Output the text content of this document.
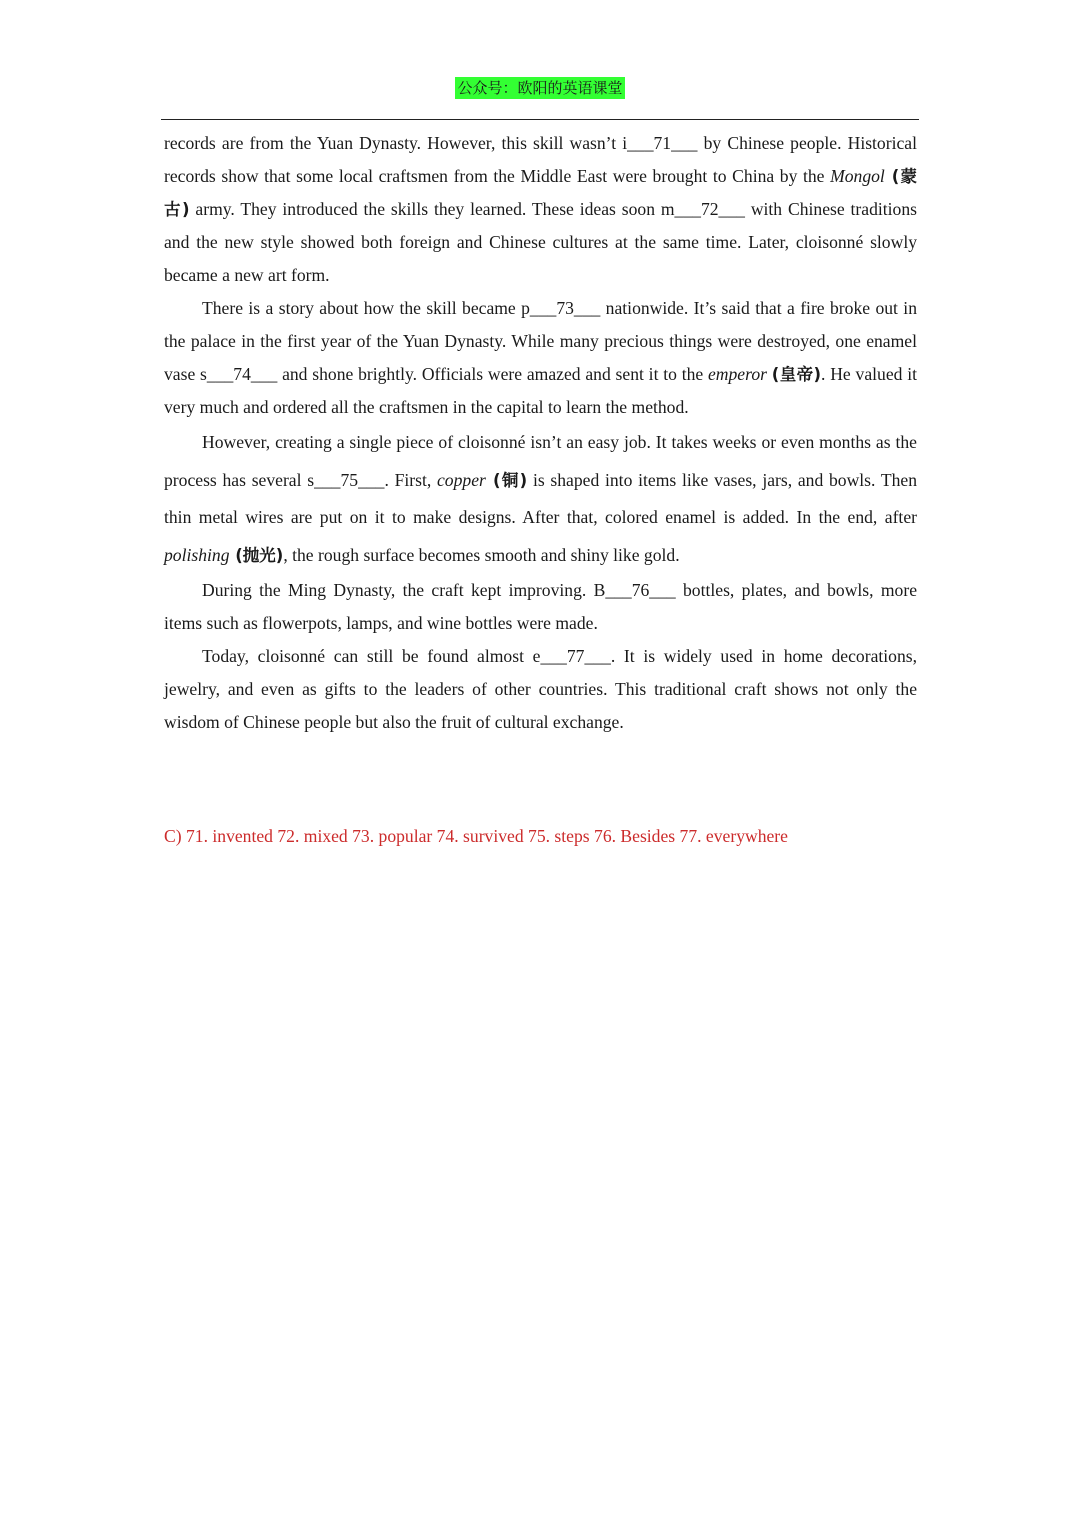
公众号：欧阳的英语课堂

records are from the Yuan Dynasty. However, this skill wasn’t i___71___ by Chinese people. Historical records show that some local craftsmen from the Middle East were brought to China by the Mongol (蒙古) army. They introduced the skills they learned. These ideas soon m___72___ with Chinese traditions and the new style showed both foreign and Chinese cultures at the same time. Later, cloisonné slowly became a new art form.

There is a story about how the skill became p___73___ nationwide. It’s said that a fire broke out in the palace in the first year of the Yuan Dynasty. While many precious things were destroyed, one enamel vase s___74___ and shone brightly. Officials were amazed and sent it to the emperor (皇帝). He valued it very much and ordered all the craftsmen in the capital to learn the method.

However, creating a single piece of cloisonné isn’t an easy job. It takes weeks or even months as the process has several s___75___. First, copper (铜) is shaped into items like vases, jars, and bowls. Then thin metal wires are put on it to make designs. After that, colored enamel is added. In the end, after polishing (抛光), the rough surface becomes smooth and shiny like gold.

During the Ming Dynasty, the craft kept improving. B___76___ bottles, plates, and bowls, more items such as flowerpots, lamps, and wine bottles were made.

Today, cloisonné can still be found almost e___77___. It is widely used in home decorations, jewelry, and even as gifts to the leaders of other countries. This traditional craft shows not only the wisdom of Chinese people but also the fruit of cultural exchange.

C) 71. invented 72. mixed 73. popular 74. survived 75. steps 76. Besides 77. everywhere
